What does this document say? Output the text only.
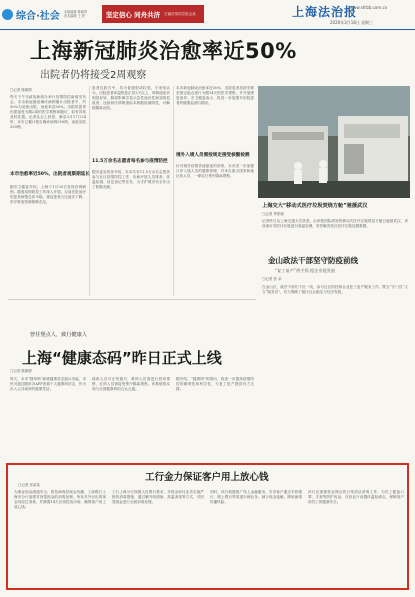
综合·社会 本版编辑 陈颖婷
美术编辑 王 彬	坚定信心 同舟共济 打赢疫情防控阻击战	上海法治报
www.shfzb.com.cn
2020年3月18日 星期三
上海新冠肺炎治愈率近50%
出院者仍将接受2周观察
□记者 陈颖婷
昨天下午市政府新闻办举行疫情防控新闻发布会。本市新冠肺炎确诊病例累计出院者中，约50%为治愈出院，治愈率近50%。出院的患者仍需接受为期2周的医学观察和随访，如有异常及时处置。记者从会上获悉，截至3月17日24时，本市已累计报告确诊病例350例，治愈出院320例。
患者住院当中，均为普通型或轻型。专家组认为，出院患者体温恢复正常3天以上，呼吸道症状明显好转，肺部影像学显示急性渗出性病变明显改善，连续两次呼吸道标本核酸检测阴性，可解除隔离出院。
本市新冠肺炎治愈率近50%，出院患者将被安排至指定地点进行为期14天的医学观察，并开展康复指导。市卫健委表示，将进一步加强对出院患者的健康监测与随访。
本市治愈率近50%，出院者观察期延长
据市卫健委介绍，上海于1月20日发现首例病例。随着疫情防控工作深入开展，目前在院治疗的患者病情总体平稳，重症患者占比逐步下降，医疗救治资源保障充足。
11.5万余名志愿者每名参与疫情防控
据市委宣传部介绍，本市共有11.5万余名志愿者参与社区疫情防控工作，协助开展人员排查、体温检测、信息登记等任务，为守护城市安全作出了积极贡献。
境外入境人员需按规定接受核酸检测
针对境外疫情快速蔓延的形势，本市进一步加强口岸入境人员的健康管理，对来自重点国家和地区的人员，一律实行集中隔离观察。
上海交大“移动式医疗垃圾焚烧方舱”驰援武汉
□记者 季张颖
记者昨日从上海交通大学获悉，由该校团队研发的移动式医疗垃圾焚烧方舱已驰援武汉，该设备可对医疗垃圾进行高温处理，有效解决疫区医疗垃圾处置难题。
金山政法干部坚守防疫前线
“复工复产”两手抓 稳企业促发展
□记者 张 卓
在金山区，政法干部们下沉一线，参与社区防控和企业复工复产服务工作，既当“守门员”又当“服务员”，有力保障了辖区社会稳定与经济发展。
曾任堡点人，致行健康人
上海“健康态码”昨日正式上线
□记者 陈颖婷
昨天，本市“随申码”新增健康状态展示功能，市民可通过随申办APP查看个人健康码状态，作为出入公共场所的健康凭证。
绿码人员可正常通行，黄码人员需进行居家观察，红码人员需接受集中隔离观察。该系统将实现与全国健康码的互认互通。
据介绍，“健康码”的推出，将进一步提高疫情防控的精准性和科学性，为复工复产提供有力支撑。
工行金力保证客户用上放心钱
□记者 宋某某
为保证现金流通安全，防控病毒经现金传播，工商银行上海市分行加强对回笼现金的消毒处理，所有对外付出的现金均经过消毒，并静置14天后再投放市场，确保客户用上放心钱。
工行上海分行按照人民银行要求，对现金收付业务实施严格的消毒措施，通过紫外线照射、高温消毒等方式，对回笼现金进行全面消毒处理。
同时，该行积极推广线上金融服务，引导客户通过手机银行、网上银行等渠道办理业务，减少现金接触，降低病毒传播风险。
该行还加强营业网点的日常清洁消毒工作，为员工配备口罩、手套等防护用品，在营业厅设置体温检测点，保障客户和员工的健康安全。
